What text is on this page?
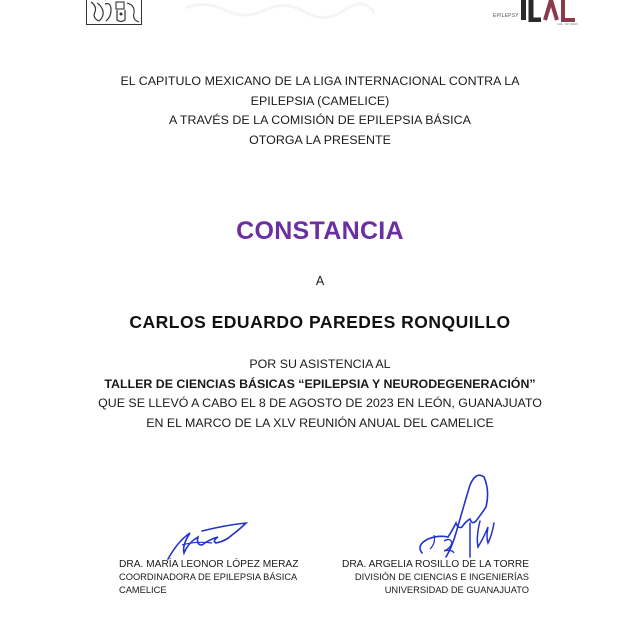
EPILEPSY
ILAE · 100 YEARS
EL CAPITULO MEXICANO DE LA LIGA INTERNACIONAL CONTRA LA
EPILEPSIA (CAMELICE)
A TRAVÉS DE LA COMISIÓN DE EPILEPSIA BÁSICA
OTORGA LA PRESENTE
CONSTANCIA
A
CARLOS EDUARDO PAREDES RONQUILLO
POR SU ASISTENCIA AL
TALLER DE CIENCIAS BÁSICAS “EPILEPSIA Y NEURODEGENERACIÓN”
QUE SE LLEVÓ A CABO EL 8 DE AGOSTO DE 2023 EN LEÓN, GUANAJUATO
EN EL MARCO DE LA XLV REUNIÓN ANUAL DEL CAMELICE
DRA. MARÍA LEONOR LÓPEZ MERAZ
COORDINADORA DE EPILEPSIA BÁSICA
CAMELICE
DRA. ARGELIA ROSILLO DE LA TORRE
DIVISIÓN DE CIENCIAS E INGENIERÍAS
UNIVERSIDAD DE GUANAJUATO
